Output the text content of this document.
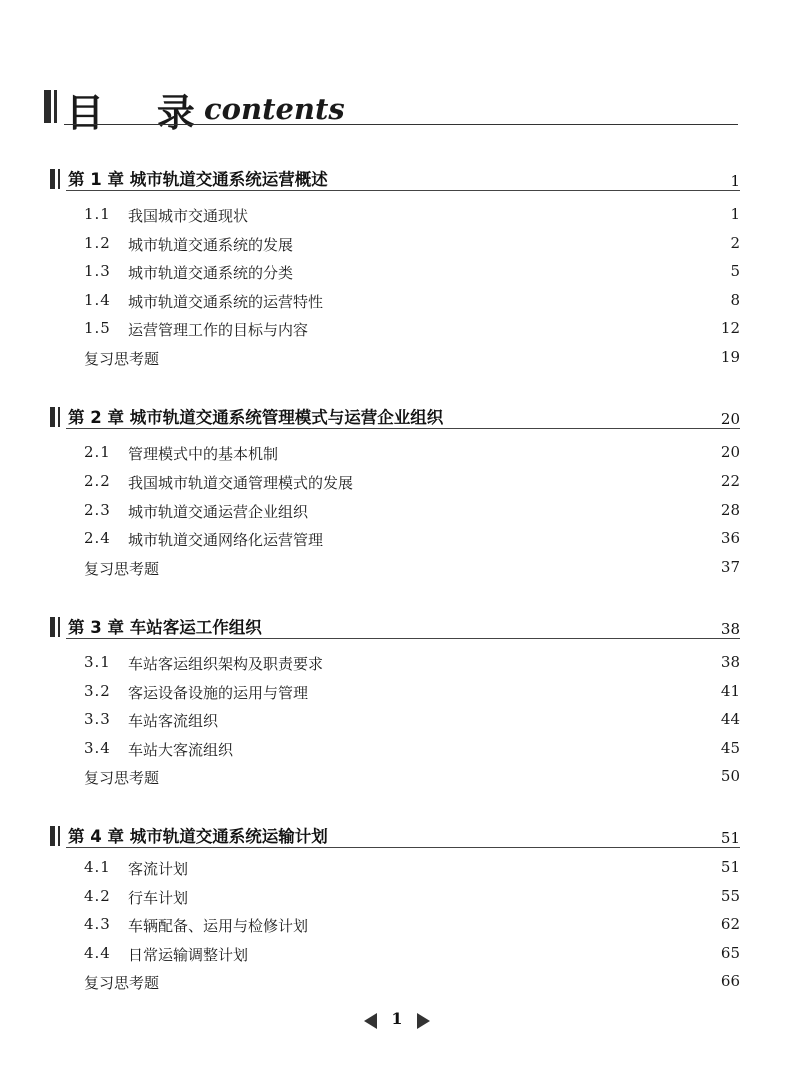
目    录 contents
第 1 章 城市轨道交通系统运营概述	1
1.1 我国城市交通现状	1
1.2 城市轨道交通系统的发展	2
1.3 城市轨道交通系统的分类	5
1.4 城市轨道交通系统的运营特性	8
1.5 运营管理工作的目标与内容	12
复习思考题	19
第 2 章 城市轨道交通系统管理模式与运营企业组织	20
2.1 管理模式中的基本机制	20
2.2 我国城市轨道交通管理模式的发展	22
2.3 城市轨道交通运营企业组织	28
2.4 城市轨道交通网络化运营管理	36
复习思考题	37
第 3 章 车站客运工作组织	38
3.1 车站客运组织架构及职责要求	38
3.2 客运设备设施的运用与管理	41
3.3 车站客流组织	44
3.4 车站大客流组织	45
复习思考题	50
第 4 章 城市轨道交通系统运输计划	51
4.1 客流计划	51
4.2 行车计划	55
4.3 车辆配备、运用与检修计划	62
4.4 日常运输调整计划	65
复习思考题	66
1
